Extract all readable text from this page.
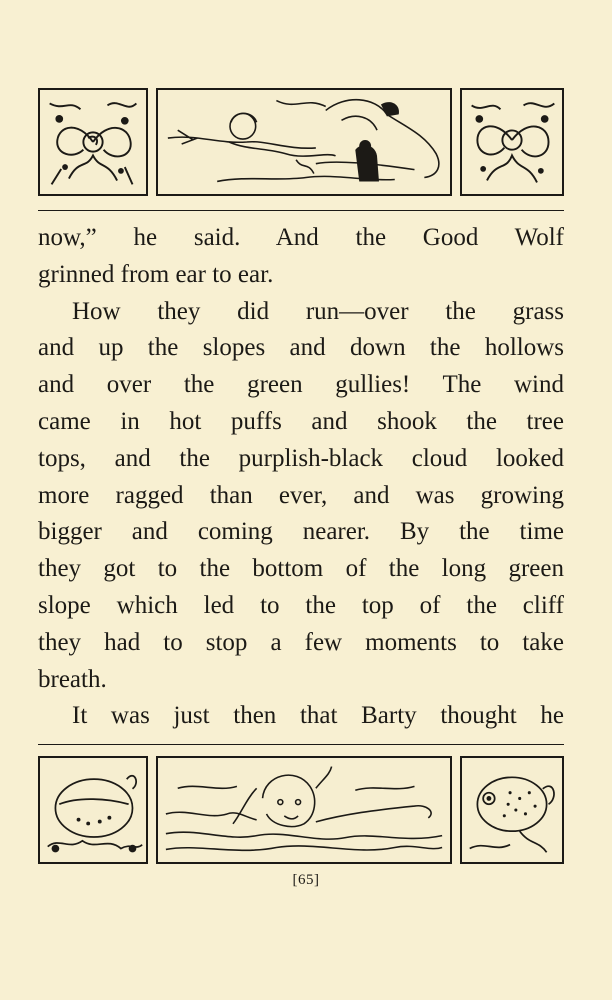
now,” he said. And the Good Wolf
grinned from ear to ear.
How they did run—over the grass
and up the slopes and down the hollows
and over the green gullies! The wind
came in hot puffs and shook the tree
tops, and the purplish-black cloud looked
more ragged than ever, and was growing
bigger and coming nearer. By the time
they got to the bottom of the long green
slope which led to the top of the cliff
they had to stop a few moments to take
breath.
It was just then that Barty thought he
[65]
